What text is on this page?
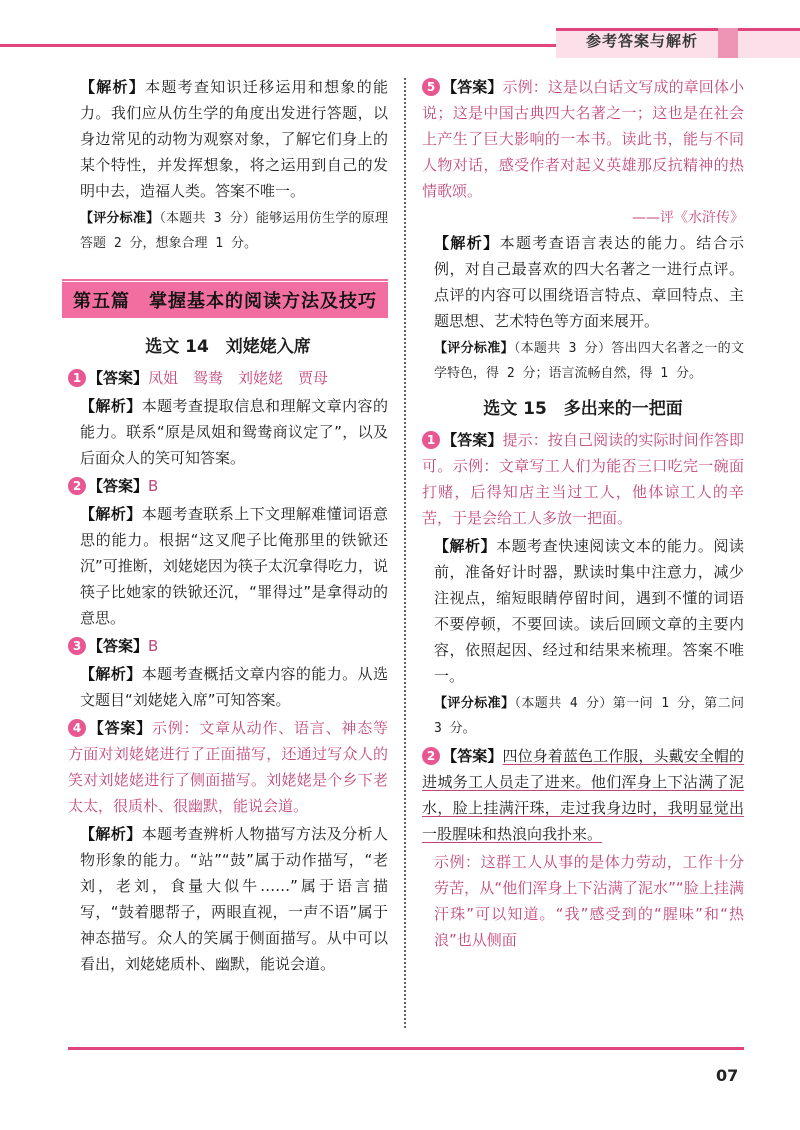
参考答案与解析

【解析】本题考查知识迁移运用和想象的能力。我们应从仿生学的角度出发进行答题，以身边常见的动物为观察对象，了解它们身上的某个特性，并发挥想象，将之运用到自己的发明中去，造福人类。答案不唯一。

【评分标准】（本题共 3 分）能够运用仿生学的原理答题 2 分，想象合理 1 分。

第五篇　掌握基本的阅读方法及技巧
选文 14　刘姥姥入席

1 【答案】凤姐　鸳鸯　刘姥姥　贾母

【解析】本题考查提取信息和理解文章内容的能力。联系“原是凤姐和鸳鸯商议定了”，以及后面众人的笑可知答案。

2 【答案】B

【解析】本题考查联系上下文理解难懂词语意思的能力。根据“这叉爬子比俺那里的铁锨还沉”可推断，刘姥姥因为筷子太沉拿得吃力，说筷子比她家的铁锨还沉，“罪得过”是拿得动的意思。

3 【答案】B

【解析】本题考查概括文章内容的能力。从选文题目“刘姥姥入席”可知答案。

4 【答案】示例：文章从动作、语言、神态等方面对刘姥姥进行了正面描写，还通过写众人的笑对刘姥姥进行了侧面描写。刘姥姥是个乡下老太太，很质朴、很幽默，能说会道。

【解析】本题考查辨析人物描写方法及分析人物形象的能力。“站”“鼓”属于动作描写，“老刘，老刘，食量大似牛……”属于语言描写，“鼓着腮帮子，两眼直视，一声不语”属于神态描写。众人的笑属于侧面描写。从中可以看出，刘姥姥质朴、幽默，能说会道。

5 【答案】示例：这是以白话文写成的章回体小说；这是中国古典四大名著之一；这也是在社会上产生了巨大影响的一本书。读此书，能与不同人物对话，感受作者对起义英雄那反抗精神的热情歌颂。

——评《水浒传》

【解析】本题考查语言表达的能力。结合示例，对自己最喜欢的四大名著之一进行点评。点评的内容可以围绕语言特点、章回特点、主题思想、艺术特色等方面来展开。

【评分标准】（本题共 3 分）答出四大名著之一的文学特色，得 2 分；语言流畅自然，得 1 分。

选文 15　多出来的一把面

1 【答案】提示：按自己阅读的实际时间作答即可。示例：文章写工人们为能否三口吃完一碗面打赌，后得知店主当过工人，他体谅工人的辛苦，于是会给工人多放一把面。

【解析】本题考查快速阅读文本的能力。阅读前，准备好计时器，默读时集中注意力，减少注视点，缩短眼睛停留时间，遇到不懂的词语不要停顿，不要回读。读后回顾文章的主要内容，依照起因、经过和结果来梳理。答案不唯一。

【评分标准】（本题共 4 分）第一问 1 分，第二问 3 分。

2 【答案】四位身着蓝色工作服，头戴安全帽的进城务工人员走了进来。他们浑身上下沾满了泥水，脸上挂满汗珠，走过我身边时，我明显觉出一股腥味和热浪向我扑来。

示例：这群工人从事的是体力劳动，工作十分劳苦，从“他们浑身上下沾满了泥水”“脸上挂满汗珠”可以知道。“我”感受到的“腥味”和“热浪”也从侧面

07
